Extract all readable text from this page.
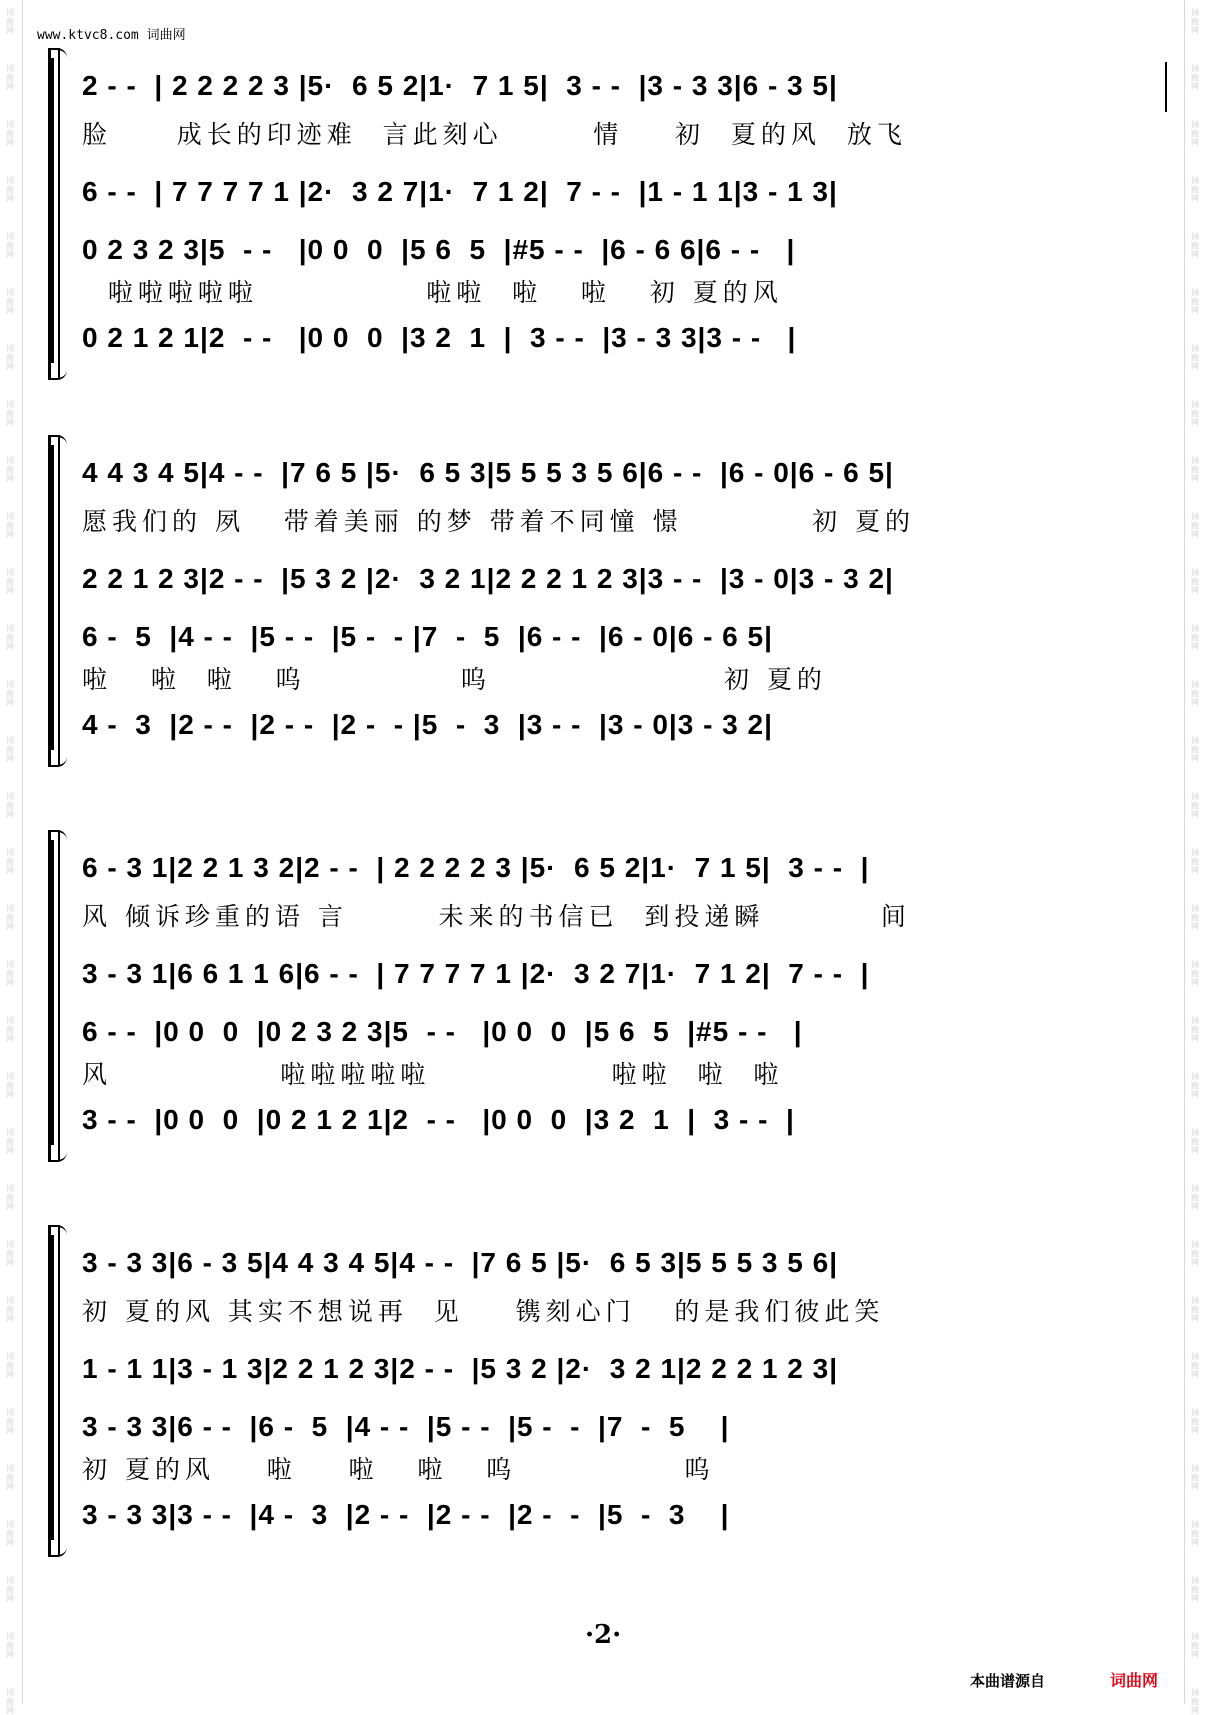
词
曲
网
词
曲
网
词
曲
网
词
曲
网
词
曲
网
词
曲
网
词
曲
网
词
曲
网
词
曲
网
词
曲
网
词
曲
网
词
曲
网
词
曲
网
词
曲
网
词
曲
网
词
曲
网
词
曲
网
词
曲
网
词
曲
网
词
曲
网
词
曲
网
词
曲
网
词
曲
网
词
曲
网
词
曲
网
词
曲
网
词
曲
网
词
曲
网
词
曲
网
词
曲
网
词
曲
网
词
曲
网
词
曲
网
词
曲
网
词
曲
网
词
曲
网
词
曲
网
词
曲
网
词
曲
网
词
曲
网
词
曲
网
词
曲
网
词
曲
网
词
曲
网
词
曲
网
词
曲
网
词
曲
网
词
曲
网
词
曲
网
词
曲
网
词
曲
网
词
曲
网
词
曲
网
词
曲
网
词
曲
网
词
曲
网
词
曲
网
词
曲
网
词
曲
网
词
曲
网
词
曲
网
词
曲
网
www.ktvc8.com 词曲网
2 - -  | 2 2 2 2 3 |5·  6 5 2|1·  7 1 5|  3 - -  |3 - 3 3|6 - 3 5|
脸     成长的印迹难  言此刻心       情    初  夏的风  放飞
6 - -  | 7 7 7 7 1 |2·  3 2 7|1·  7 1 2|  7 - -  |1 - 1 1|3 - 1 3|
0 2 3 2 3|5  - -   |0 0  0  |5 6  5  |#5 - -  |6 - 6 6|6 - -   |
啦啦啦啦啦             啦啦  啦   啦   初 夏的风
0 2 1 2 1|2  - -   |0 0  0  |3 2  1  |  3 - -  |3 - 3 3|3 - -   |
4 4 3 4 5|4 - -  |7 6 5 |5·  6 5 3|5 5 5 3 5 6|6 - -  |6 - 0|6 - 6 5|
愿我们的 夙   带着美丽 的梦 带着不同憧 憬          初 夏的
2 2 1 2 3|2 - -  |5 3 2 |2·  3 2 1|2 2 2 1 2 3|3 - -  |3 - 0|3 - 3 2|
6 -  5  |4 - -  |5 - -  |5 -  - |7  -  5  |6 - -  |6 - 0|6 - 6 5|
啦   啦  啦   呜            呜                  初 夏的
4 -  3  |2 - -  |2 - -  |2 -  - |5  -  3  |3 - -  |3 - 0|3 - 3 2|
6 - 3 1|2 2 1 3 2|2 - -  | 2 2 2 2 3 |5·  6 5 2|1·  7 1 5|  3 - -  |
风 倾诉珍重的语 言       未来的书信已  到投递瞬         间
3 - 3 1|6 6 1 1 6|6 - -  | 7 7 7 7 1 |2·  3 2 7|1·  7 1 2|  7 - -  |
6 - -  |0 0  0  |0 2 3 2 3|5  - -   |0 0  0  |5 6  5  |#5 - -   |
风             啦啦啦啦啦              啦啦  啦  啦
3 - -  |0 0  0  |0 2 1 2 1|2  - -   |0 0  0  |3 2  1  |  3 - -  |
3 - 3 3|6 - 3 5|4 4 3 4 5|4 - -  |7 6 5 |5·  6 5 3|5 5 5 3 5 6|
初 夏的风 其实不想说再  见    镌刻心门   的是我们彼此笑
1 - 1 1|3 - 1 3|2 2 1 2 3|2 - -  |5 3 2 |2·  3 2 1|2 2 2 1 2 3|
3 - 3 3|6 - -  |6 -  5  |4 - -  |5 - -  |5 -  -  |7  -  5    |
初 夏的风    啦    啦   啦   呜             呜
3 - 3 3|3 - -  |4 -  3  |2 - -  |2 - -  |2 -  -  |5  -  3    |
·2·
本曲谱源自	词曲网
